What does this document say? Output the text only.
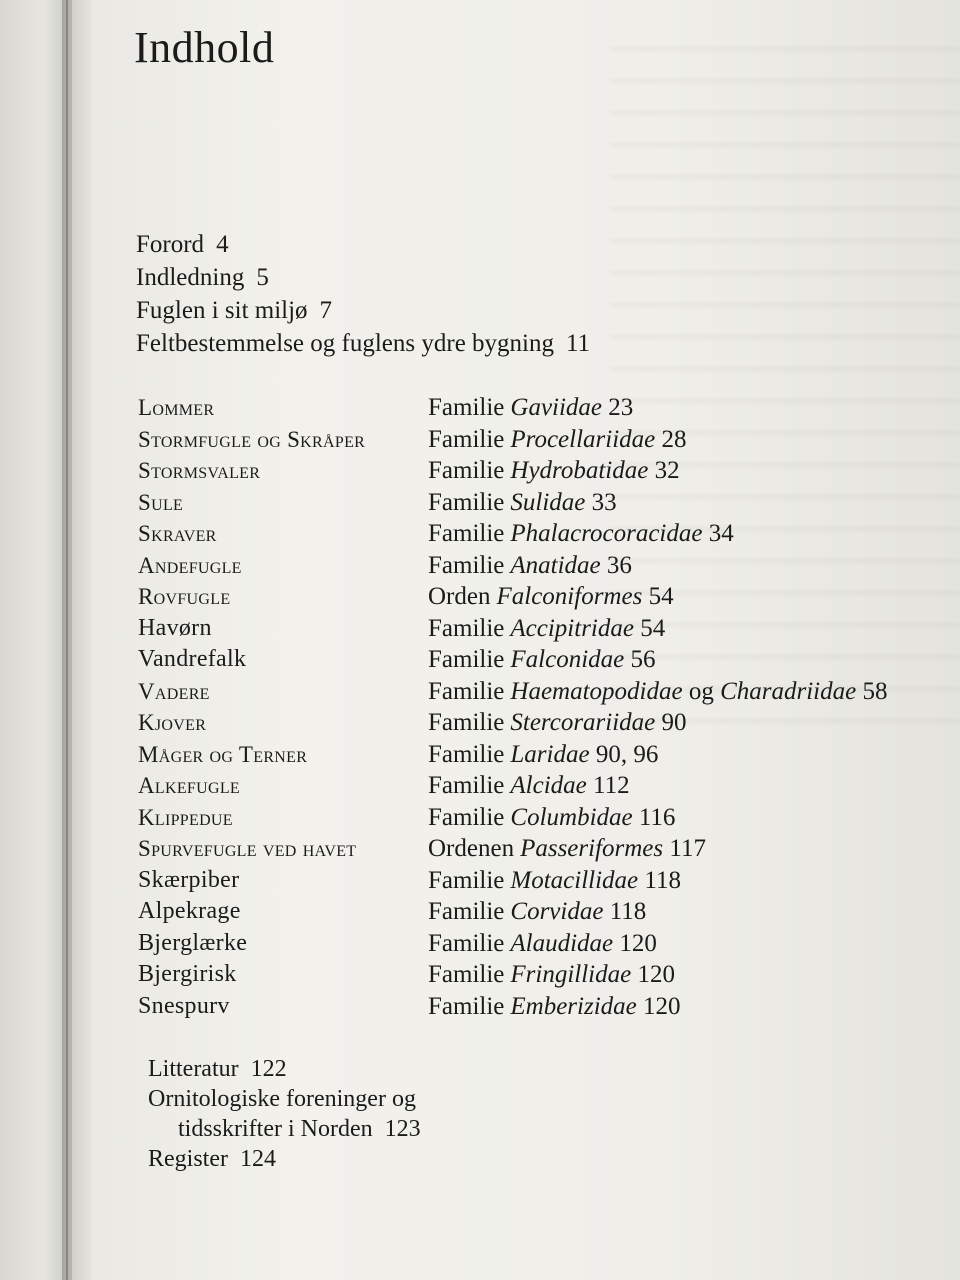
Indhold
Forord 4
Indledning 5
Fuglen i sit miljø 7
Feltbestemmelse og fuglens ydre bygning 11
Lommer	Familie Gaviidae 23
Stormfugle og Skråper	Familie Procellariidae 28
Stormsvaler	Familie Hydrobatidae 32
Sule	Familie Sulidae 33
Skraver	Familie Phalacrocoracidae 34
Andefugle	Familie Anatidae 36
Rovfugle	Orden Falconiformes 54
Havørn	Familie Accipitridae 54
Vandrefalk	Familie Falconidae 56
Vadere	Familie Haematopodidae og Charadriidae 58
Kjover	Familie Stercorariidae 90
Måger og Terner	Familie Laridae 90, 96
Alkefugle	Familie Alcidae 112
Klippedue	Familie Columbidae 116
Spurvefugle ved havet	Ordenen Passeriformes 117
Skærpiber	Familie Motacillidae 118
Alpekrage	Familie Corvidae 118
Bjerglærke	Familie Alaudidae 120
Bjergirisk	Familie Fringillidae 120
Snespurv	Familie Emberizidae 120
Litteratur 122
Ornitologiske foreninger og
tidsskrifter i Norden 123
Register 124
